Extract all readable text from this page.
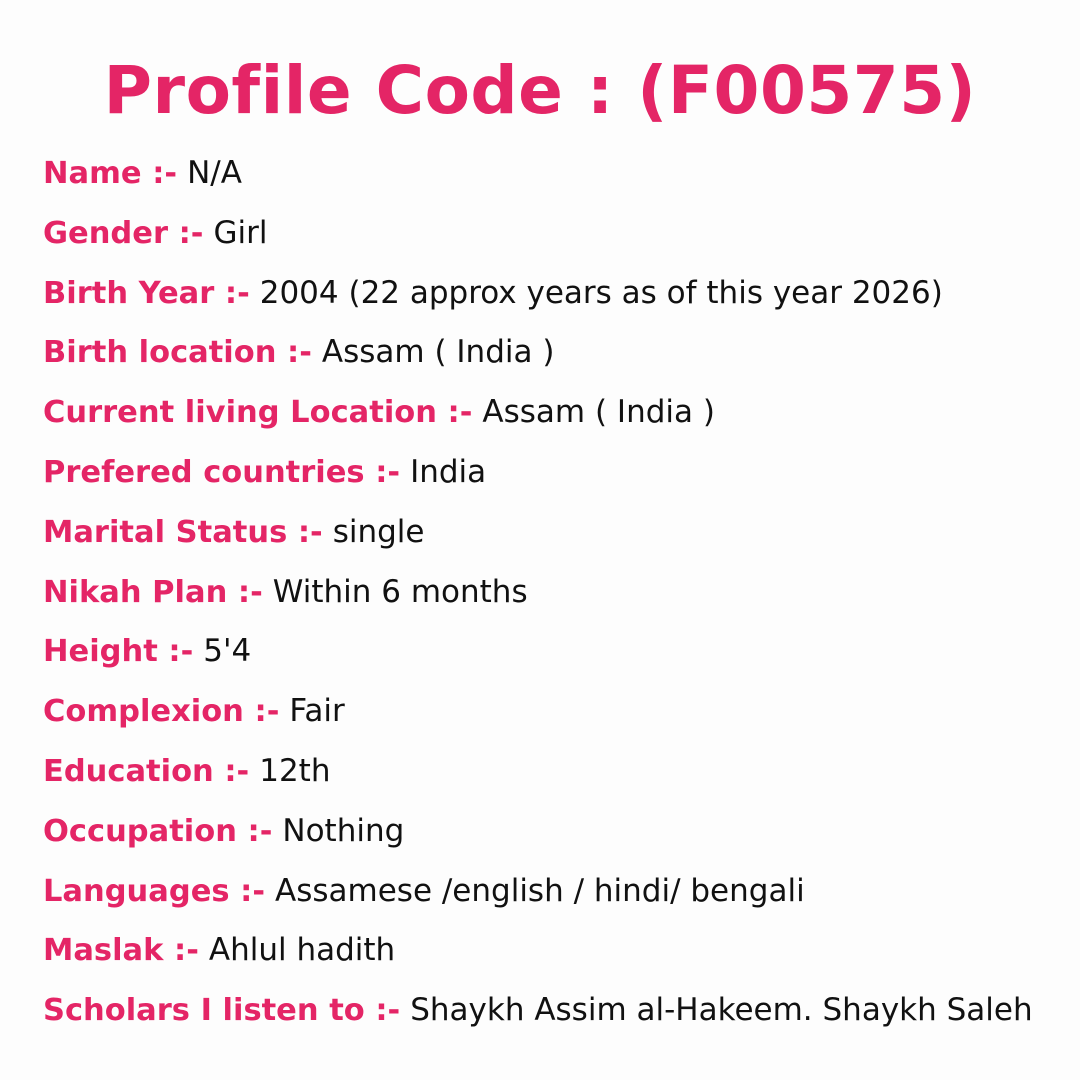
Profile Code : (F00575)
Name :- N/A
Gender :- Girl
Birth Year :- 2004 (22 approx years as of this year 2026)
Birth location :- Assam ( India )
Current living Location :- Assam ( India )
Prefered countries :- India
Marital Status :- single
Nikah Plan :- Within 6 months
Height :- 5'4
Complexion :- Fair
Education :- 12th
Occupation :- Nothing
Languages :- Assamese /english / hindi/ bengali
Maslak :- Ahlul hadith
Scholars I listen to :- Shaykh Assim al-Hakeem. Shaykh Saleh
